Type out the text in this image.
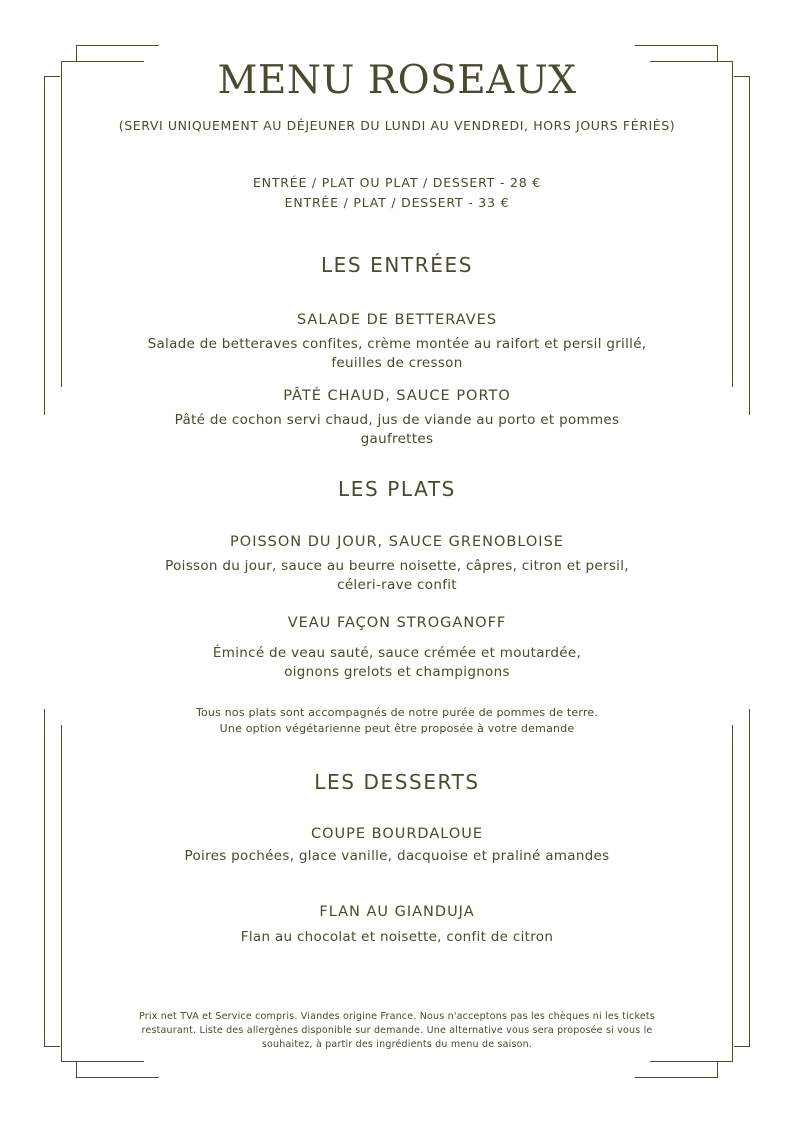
MENU ROSEAUX
(SERVI UNIQUEMENT AU DÉJEUNER DU LUNDI AU VENDREDI, HORS JOURS FÉRIÉS)
ENTRÉE / PLAT OU PLAT / DESSERT - 28 €
ENTRÉE / PLAT / DESSERT - 33 €
LES ENTRÉES
SALADE DE BETTERAVES
Salade de betteraves confites, crème montée au raifort et persil grillé,
feuilles de cresson
PÂTÉ CHAUD, SAUCE PORTO
Pâté de cochon servi chaud, jus de viande au porto et pommes
gaufrettes
LES PLATS
POISSON DU JOUR, SAUCE GRENOBLOISE
Poisson du jour, sauce au beurre noisette, câpres, citron et persil,
céleri-rave confit
VEAU FAÇON STROGANOFF
Émincé de veau sauté, sauce crémée et moutardée,
oignons grelots et champignons
Tous nos plats sont accompagnés de notre purée de pommes de terre.
Une option végétarienne peut être proposée à votre demande
LES DESSERTS
COUPE BOURDALOUE
Poires pochées, glace vanille, dacquoise et praliné amandes
FLAN AU GIANDUJA
Flan au chocolat et noisette, confit de citron
Prix net TVA et Service compris. Viandes origine France. Nous n'acceptons pas les chèques ni les tickets
restaurant. Liste des allergènes disponible sur demande. Une alternative vous sera proposée si vous le
souhaitez, à partir des ingrédients du menu de saison.
